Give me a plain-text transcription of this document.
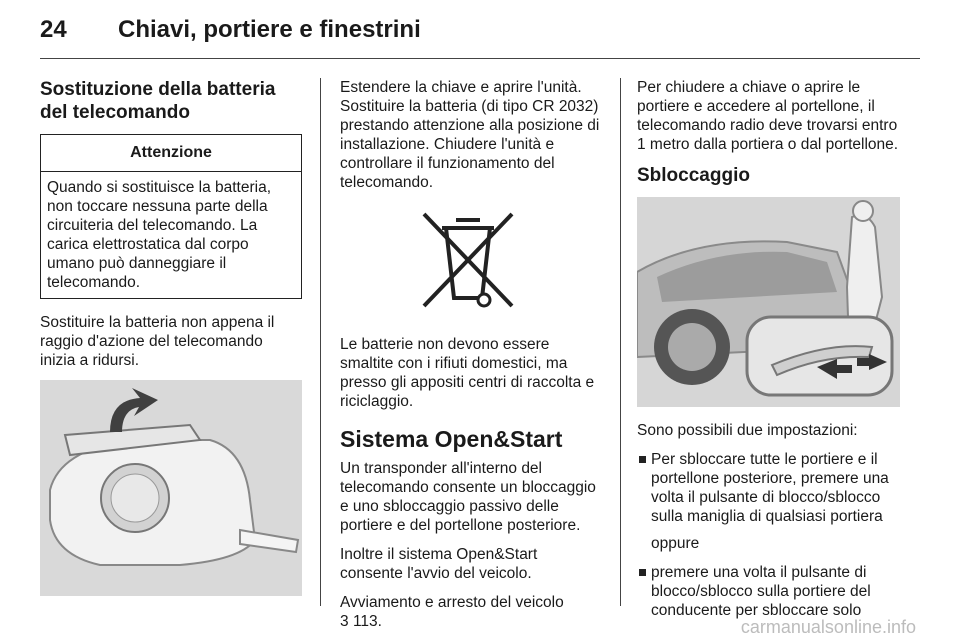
24 Chiavi, portiere e finestrini
Sostituzione della batteria del telecomando
Attenzione
Quando si sostituisce la batteria, non toccare nessuna parte della circuiteria del telecomando. La carica elettrostatica dal corpo umano può danneggiare il telecomando.

Sostituire la batteria non appena il raggio d'azione del telecomando inizia a ridursi.

Estendere la chiave e aprire l'unità. Sostituire la batteria (di tipo CR 2032) prestando attenzione alla posizione di installazione. Chiudere l'unità e controllare il funzionamento del telecomando.

Le batterie non devono essere smaltite con i rifiuti domestici, ma presso gli appositi centri di raccolta e riciclaggio.

Sistema Open&Start

Un transponder all'interno del telecomando consente un bloccaggio e uno sbloccaggio passivo delle portiere e del portellone posteriore.

Inoltre il sistema Open&Start consente l'avvio del veicolo.

Avviamento e arresto del veicolo
3 113.

Per chiudere a chiave o aprire le portiere e accedere al portellone, il telecomando radio deve trovarsi entro 1 metro dalla portiera o dal portellone.

Sbloccaggio

Sono possibili due impostazioni:

Per sbloccare tutte le portiere e il portellone posteriore, premere una volta il pulsante di blocco/sblocco sulla maniglia di qualsiasi portiera

oppure

premere una volta il pulsante di blocco/sblocco sulla portiere del conducente per sbloccare solo
carmanualsonline.info
